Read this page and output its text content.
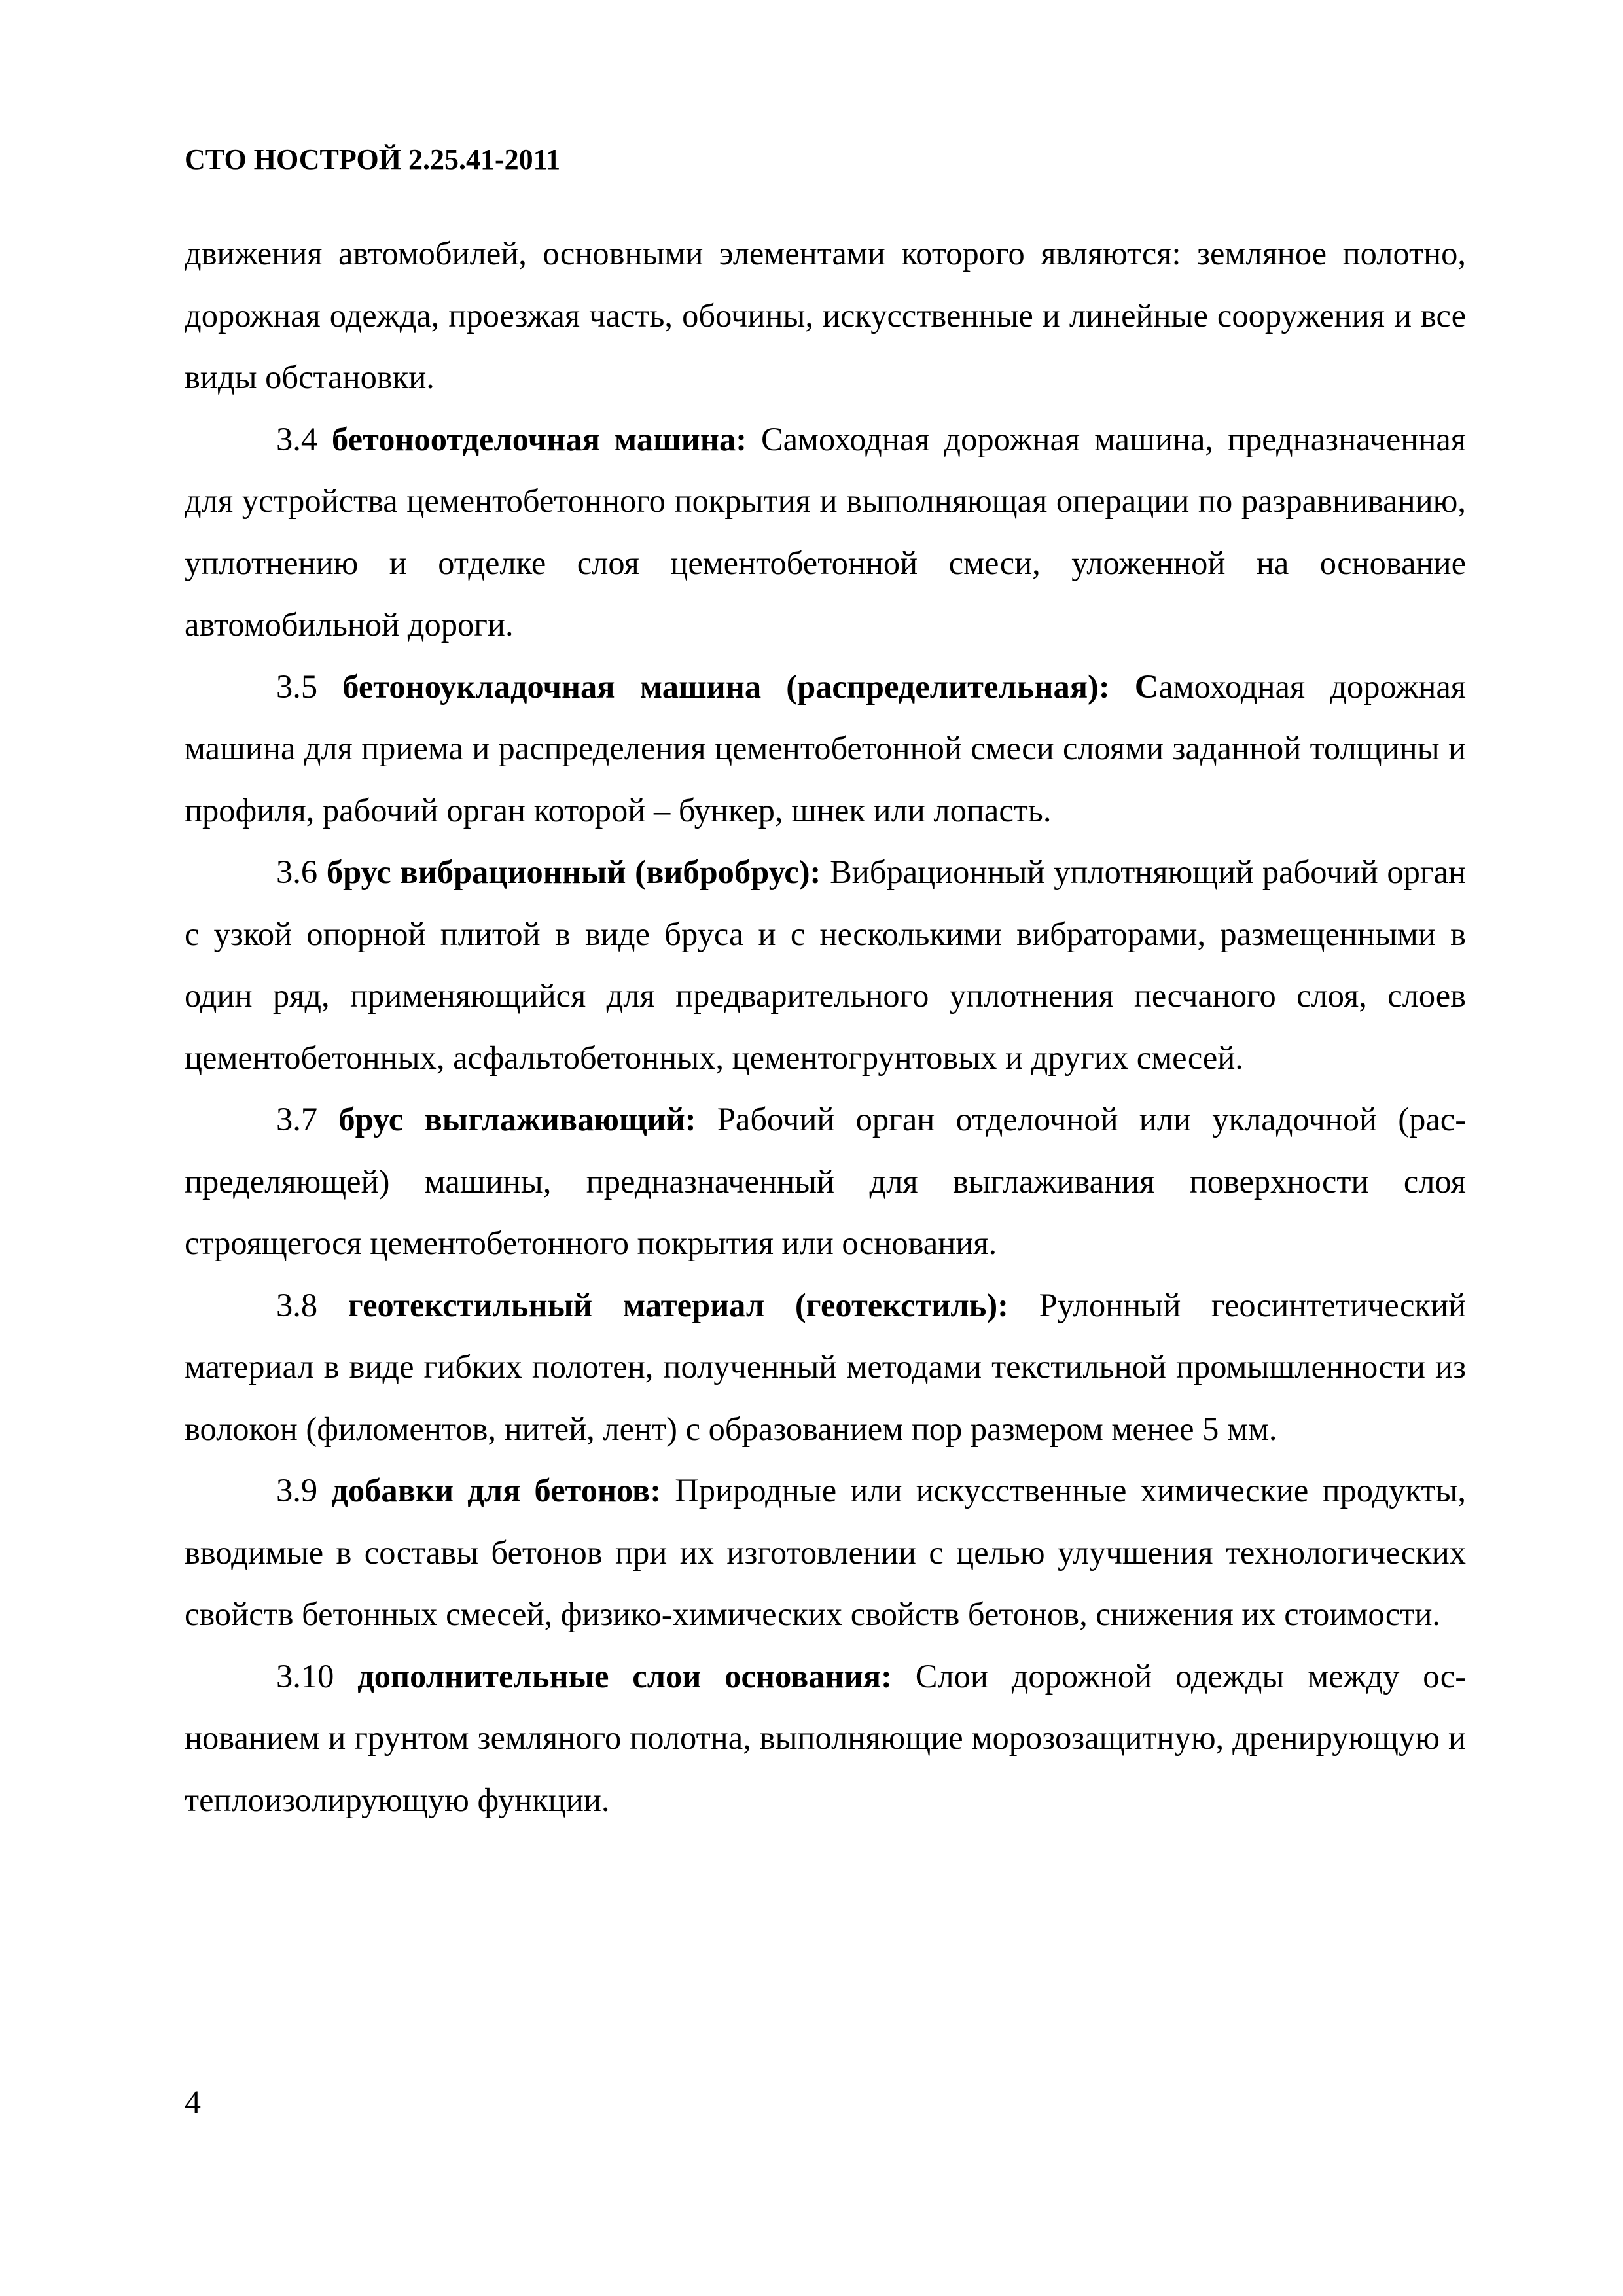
СТО НОСТРОЙ 2.25.41-2011

движения автомобилей, основными элементами которого являются: земляное полотно, дорожная одежда, проезжая часть, обочины, искусственные и линейные сооружения и все виды обстановки.

3.4 бетоноотделочная машина: Самоходная дорожная машина, предназначенная для устройства цементобетонного покрытия и выполняющая операции по разравниванию, уплотнению и отделке слоя цементобетонной смеси, уложенной на основание автомобильной дороги.

3.5 бетоноукладочная машина (распределительная): Самоходная дорожная машина для приема и распределения цементобетонной смеси слоями заданной толщины и профиля, рабочий орган которой – бункер, шнек или лопасть.

3.6 брус вибрационный (вибробрус): Вибрационный уплотняющий рабочий орган с узкой опорной плитой в виде бруса и с несколькими вибраторами, размещенными в один ряд, применяющийся для предварительного уплотнения песчаного слоя, слоев цементобетонных, асфальтобетонных, цементогрунтовых и других смесей.

3.7 брус выглаживающий: Рабочий орган отделочной или укладочной (распределяющей) машины, предназначенный для выглаживания поверхности слоя строящегося цементобетонного покрытия или основания.

3.8 геотекстильный материал (геотекстиль): Рулонный геосинтетический материал в виде гибких полотен, полученный методами текстильной промышленности из волокон (филоментов, нитей, лент) с образованием пор размером менее 5 мм.

3.9 добавки для бетонов: Природные или искусственные химические продукты, вводимые в составы бетонов при их изготовлении с целью улучшения технологических свойств бетонных смесей, физико-химических свойств бетонов, снижения их стоимости.

3.10 дополнительные слои основания: Слои дорожной одежды между основанием и грунтом земляного полотна, выполняющие морозозащитную, дренирующую и теплоизолирующую функции.

4
